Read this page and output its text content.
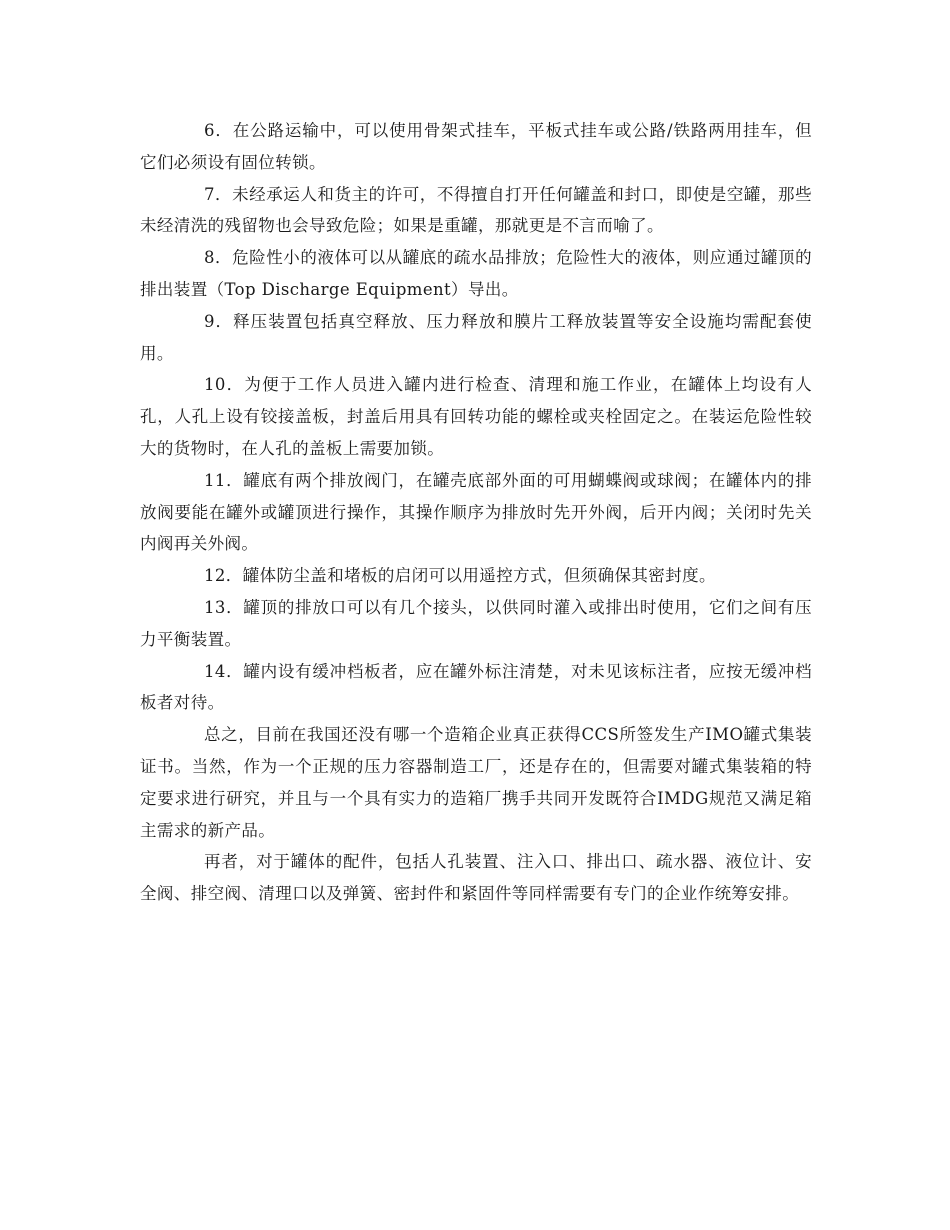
6．在公路运输中，可以使用骨架式挂车，平板式挂车或公路/铁路两用挂车，但它们必须设有固位转锁。

7．未经承运人和货主的许可，不得擅自打开任何罐盖和封口，即使是空罐，那些未经清洗的残留物也会导致危险；如果是重罐，那就更是不言而喻了。

8．危险性小的液体可以从罐底的疏水品排放；危险性大的液体，则应通过罐顶的排出装置（Top Discharge Equipment）导出。

9．释压装置包括真空释放、压力释放和膜片工释放装置等安全设施均需配套使用。

10．为便于工作人员进入罐内进行检查、清理和施工作业，在罐体上均设有人孔，人孔上设有铰接盖板，封盖后用具有回转功能的螺栓或夹栓固定之。在装运危险性较大的货物时，在人孔的盖板上需要加锁。

11．罐底有两个排放阀门，在罐壳底部外面的可用蝴蝶阀或球阀；在罐体内的排放阀要能在罐外或罐顶进行操作，其操作顺序为排放时先开外阀，后开内阀；关闭时先关内阀再关外阀。

12．罐体防尘盖和堵板的启闭可以用遥控方式，但须确保其密封度。

13．罐顶的排放口可以有几个接头，以供同时灌入或排出时使用，它们之间有压力平衡装置。

14．罐内设有缓冲档板者，应在罐外标注清楚，对未见该标注者，应按无缓冲档板者对待。

总之，目前在我国还没有哪一个造箱企业真正获得CCS所签发生产IMO罐式集装证书。当然，作为一个正规的压力容器制造工厂，还是存在的，但需要对罐式集装箱的特定要求进行研究，并且与一个具有实力的造箱厂携手共同开发既符合IMDG规范又满足箱主需求的新产品。

再者，对于罐体的配件，包括人孔装置、注入口、排出口、疏水器、液位计、安全阀、排空阀、清理口以及弹簧、密封件和紧固件等同样需要有专门的企业作统筹安排。
